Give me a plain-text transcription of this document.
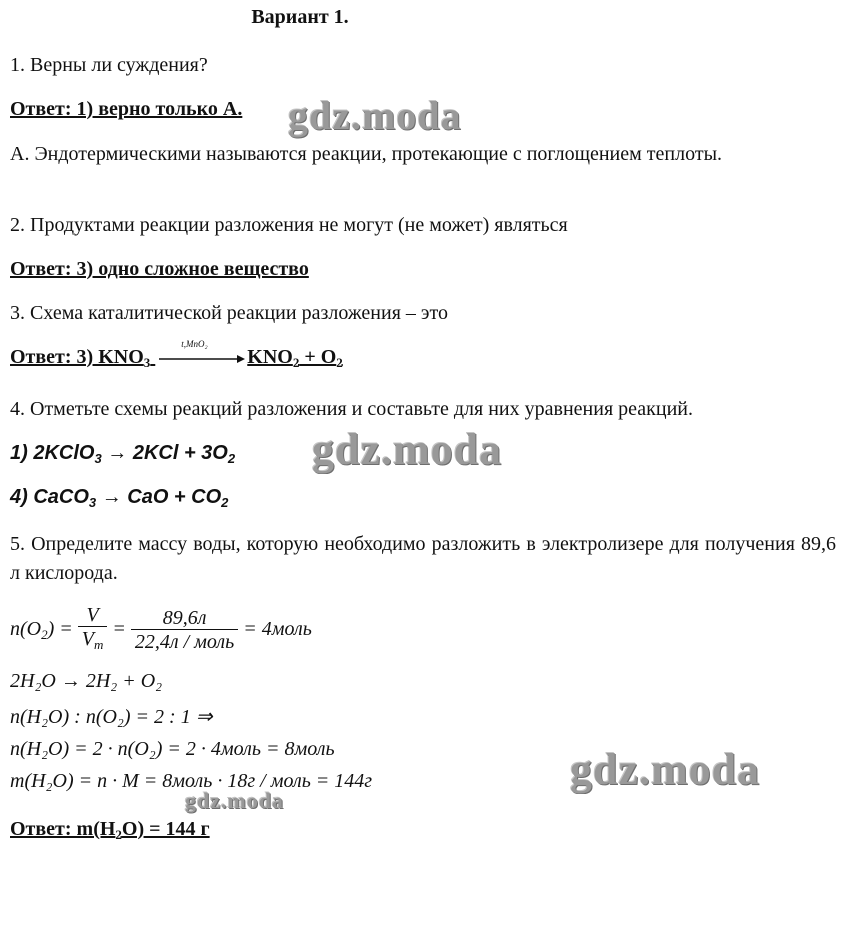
Вариант 1.
1. Верны ли суждения?
Ответ: 1) верно только А. gdz.moda
А. Эндотермическими называются реакции, протекающие с поглощением теплоты.
2. Продуктами реакции разложения не могут (не может) являться
Ответ: 3) одно сложное вещество
3. Схема каталитической реакции разложения – это
Ответ: 3) $KNO_3$
t,MnO₂
$KNO_2 + O_2$
4. Отметьте схемы реакций разложения и составьте для них уравнения реакций.
1) 2KClO$_3$ → $2KCl + 3O_2$ gdz.moda
4) CaCO$_3$ → CaO + $CO_2$
5. Определите массу воды, которую необходимо разложить в электролизере для получения 89,6 л кислорода.
$n(O_2) = \frac{V}{V_m} = \frac{89,6л}{\text{22,4л / моль}}$ = 4моль
2H₂O → 2H₂ + O₂
n(H₂O) : n(O₂) = 2 : 1 ⇒
n(H₂O) = 2 · n(O₂) = 2 · 4моль = 8моль
m(H₂O) = n · M = 8моль · 18г / моль = 144г	gdz.moda
gdz.moda
Ответ: $m(H_2O) = 144$ г
